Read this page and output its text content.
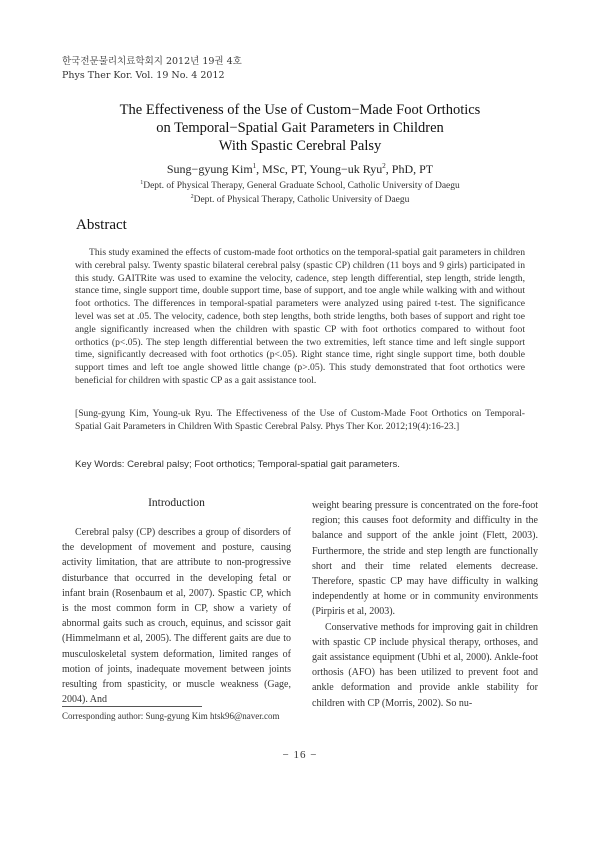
한국전문물리치료학회지 2012년 19권 4호
Phys Ther Kor. Vol. 19 No. 4 2012
The Effectiveness of the Use of Custom−Made Foot Orthotics
on Temporal−Spatial Gait Parameters in Children
With Spastic Cerebral Palsy
Sung−gyung Kim$^1$, MSc, PT, Young−uk Ryu$^2$, PhD, PT
$^1$Dept. of Physical Therapy, General Graduate School, Catholic University of Daegu
$^2$Dept. of Physical Therapy, Catholic University of Daegu
Abstract
This study examined the effects of custom-made foot orthotics on the temporal-spatial gait parameters in children with cerebral palsy. Twenty spastic bilateral cerebral palsy (spastic CP) children (11 boys and 9 girls) participated in this study. GAITRite was used to examine the velocity, cadence, step length differential, step length, stride length, stance time, single support time, double support time, base of support, and toe angle while walking with and without foot orthotics. The differences in temporal-spatial parameters were analyzed using paired t-test. The significance level was set at .05. The velocity, cadence, both step lengths, both stride lengths, both bases of support and right toe angle significantly increased when the children with spastic CP with foot orthotics compared to without foot orthotics (p<.05). The step length differential between the two extremities, left stance time and left single support time, significantly decreased with foot orthotics (p<.05). Right stance time, right single support time, both double support times and left toe angle showed little change (p>.05). This study demonstrated that foot orthotics were beneficial for children with spastic CP as a gait assistance tool.
[Sung-gyung Kim, Young-uk Ryu. The Effectiveness of the Use of Custom-Made Foot Orthotics on Temporal-Spatial Gait Parameters in Children With Spastic Cerebral Palsy. Phys Ther Kor. 2012;19(4):16-23.]
Key Words: Cerebral palsy; Foot orthotics; Temporal-spatial gait parameters.
Introduction

Cerebral palsy (CP) describes a group of disorders of the development of movement and posture, causing activity limitation, that are attribute to non-progressive disturbance that occurred in the developing fetal or infant brain (Rosenbaum et al, 2007). Spastic CP, which is the most common form in CP, show a variety of abnormal gaits such as crouch, equinus, and scissor gait (Himmelmann et al, 2005). The different gaits are due to musculoskeletal system deformation, limited ranges of motion of joints, inadequate movement between joints resulting from spasticity, or muscle weakness (Gage, 2004). And

weight bearing pressure is concentrated on the fore-foot region; this causes foot deformity and difficulty in the balance and support of the ankle joint (Flett, 2003). Furthermore, the stride and step length are functionally short and their time related elements decrease. Therefore, spastic CP may have difficulty in walking independently at home or in community environments (Pirpiris et al, 2003).

Conservative methods for improving gait in children with spastic CP include physical therapy, orthoses, and gait assistance equipment (Ubhi et al, 2000). Ankle-foot orthosis (AFO) has been utilized to prevent foot and ankle deformation and provide ankle stability for children with CP (Morris, 2002). So nu-

Corresponding author: Sung-gyung Kim htsk96@naver.com
− 16 −
